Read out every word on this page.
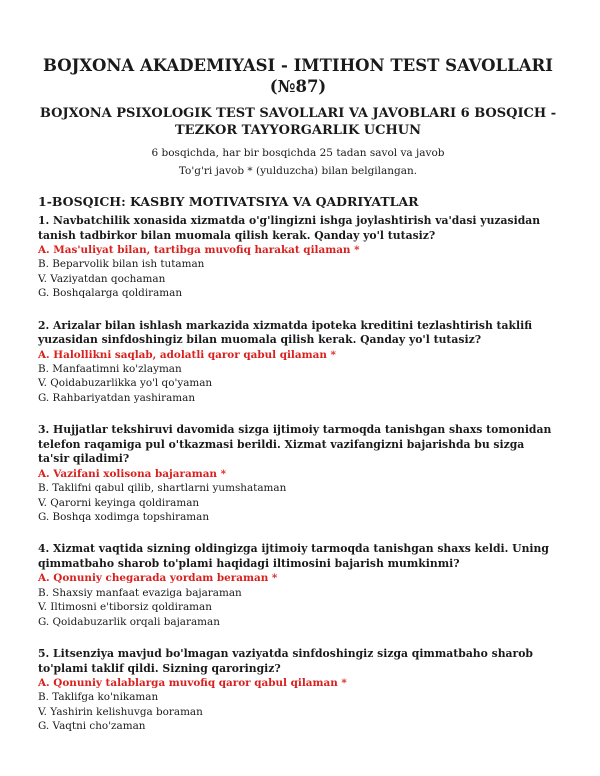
BOJXONA AKADEMIYASI - IMTIHON TEST SAVOLLARI (№87)
BOJXONA PSIXOLOGIK TEST SAVOLLARI VA JAVOBLARI 6 BOSQICH - TEZKOR TAYYORGARLIK UCHUN

6 bosqichda, har bir bosqichda 25 tadan savol va javob

To'g'ri javob * (yulduzcha) bilan belgilangan.

1-BOSQICH: KASBIY MOTIVATSIYA VA QADRIYATLAR

1. Navbatchilik xonasida xizmatda o'g'lingizni ishga joylashtirish va'dasi yuzasidan tanish tadbirkor bilan muomala qilish kerak. Qanday yo'l tutasiz?

A. Mas'uliyat bilan, tartibga muvofiq harakat qilaman *

B. Beparvolik bilan ish tutaman

V. Vaziyatdan qochaman

G. Boshqalarga qoldiraman

2. Arizalar bilan ishlash markazida xizmatda ipoteka kreditini tezlashtirish taklifi yuzasidan sinfdoshingiz bilan muomala qilish kerak. Qanday yo'l tutasiz?

A. Halollikni saqlab, adolatli qaror qabul qilaman *

B. Manfaatimni ko'zlayman

V. Qoidabuzarlikka yo'l qo'yaman

G. Rahbariyatdan yashiraman

3. Hujjatlar tekshiruvi davomida sizga ijtimoiy tarmoqda tanishgan shaxs tomonidan telefon raqamiga pul o'tkazmasi berildi. Xizmat vazifangizni bajarishda bu sizga ta'sir qiladimi?

A. Vazifani xolisona bajaraman *

B. Taklifni qabul qilib, shartlarni yumshataman

V. Qarorni keyinga qoldiraman

G. Boshqa xodimga topshiraman

4. Xizmat vaqtida sizning oldingizga ijtimoiy tarmoqda tanishgan shaxs keldi. Uning qimmatbaho sharob to'plami haqidagi iltimosini bajarish mumkinmi?

A. Qonuniy chegarada yordam beraman *

B. Shaxsiy manfaat evaziga bajaraman

V. Iltimosni e'tiborsiz qoldiraman

G. Qoidabuzarlik orqali bajaraman

5. Litsenziya mavjud bo'lmagan vaziyatda sinfdoshingiz sizga qimmatbaho sharob to'plami taklif qildi. Sizning qaroringiz?

A. Qonuniy talablarga muvofiq qaror qabul qilaman *

B. Taklifga ko'nikaman

V. Yashirin kelishuvga boraman

G. Vaqtni cho'zaman
